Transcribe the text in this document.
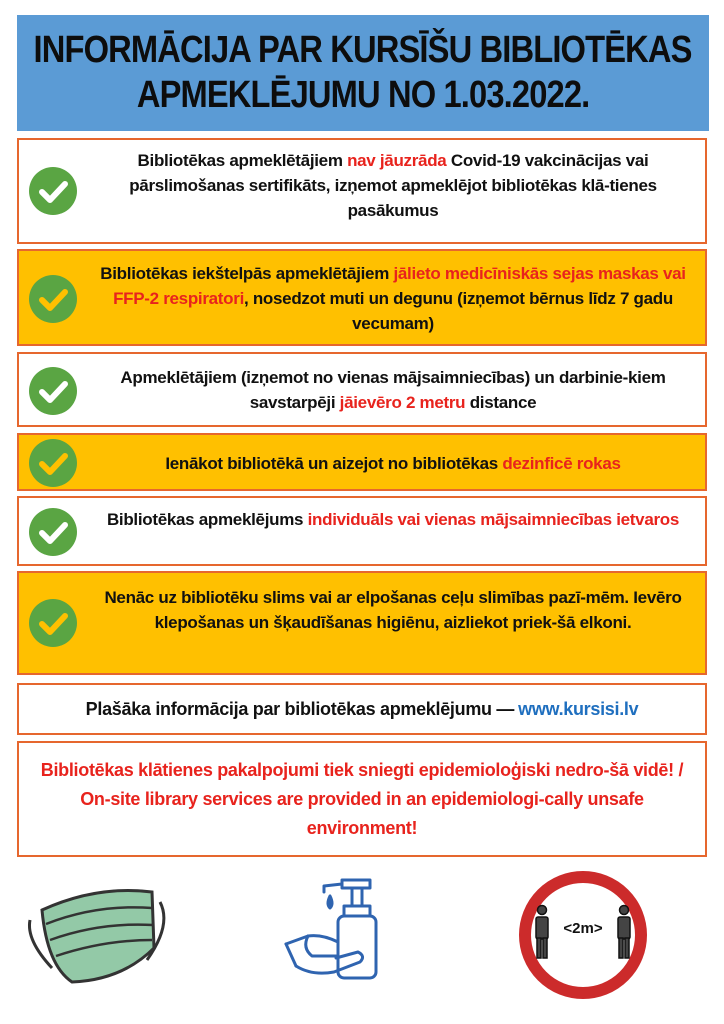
INFORMĀCIJA PAR KURSĪŠU BIBLIOTĒKAS
APMEKLĒJUMU NO 1.03.2022.
Bibliotēkas apmeklētājiem nav jāuzrāda Covid-19 vakcinācijas vai pārslimošanas sertifikāts, izņemot apmeklējot bibliotēkas klā-tienes pasākumus
Bibliotēkas iekštelpās apmeklētājiem jālieto medicīniskās sejas maskas vai FFP-2 respiratori, nosedzot muti un degunu (izņemot bērnus līdz 7 gadu vecumam)
Apmeklētājiem (izņemot no vienas mājsaimniecības) un darbinie-kiem savstarpēji jāievēro 2 metru distance
Ienākot bibliotēkā un aizejot no bibliotēkas dezinficē rokas
Bibliotēkas apmeklējums individuāls vai vienas mājsaimniecības ietvaros
Nenāc uz bibliotēku slims vai ar elpošanas ceļu slimības pazī-mēm. Ievēro klepošanas un šķaudīšanas higiēnu, aizliekot priek-šā elkoni.
Plašāka informācija par bibliotēkas apmeklējumu — www.kursisi.lv
Bibliotēkas klātienes pakalpojumi tiek sniegti epidemioloģiski nedro-šā vidē! / On-site library services are provided in an epidemiologi-cally unsafe environment!
<2m>
